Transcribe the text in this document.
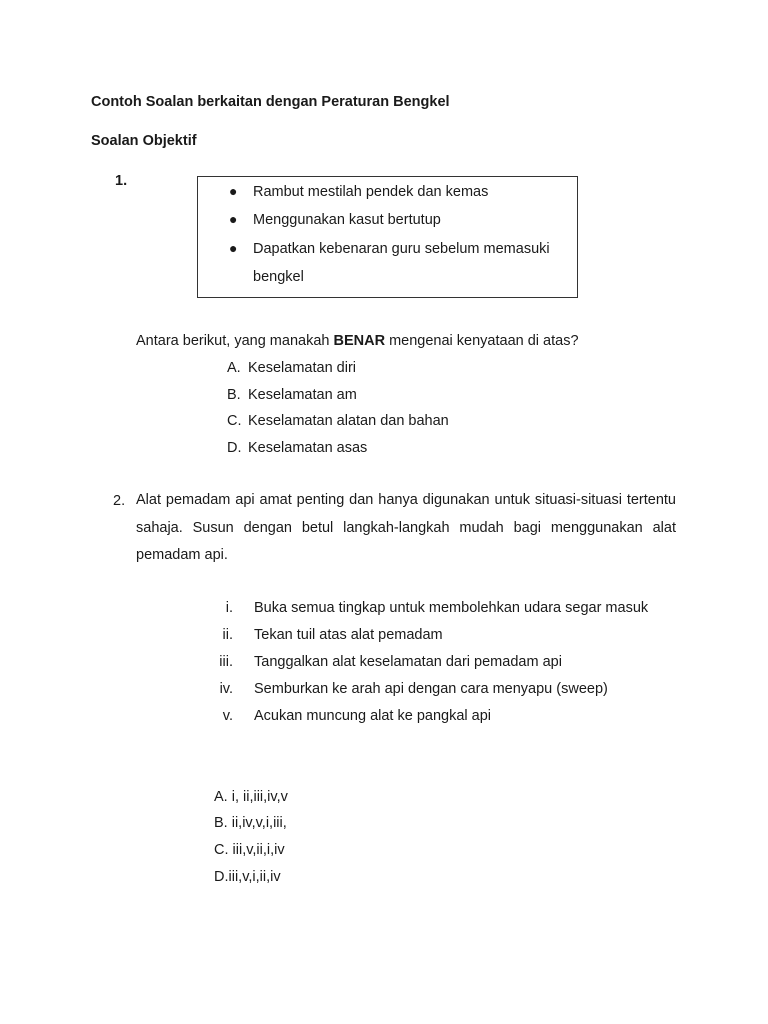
Contoh Soalan berkaitan dengan Peraturan Bengkel
Soalan Objektif
1.
● Rambut mestilah pendek dan kemas
● Menggunakan kasut bertutup
● Dapatkan kebenaran guru sebelum memasuki bengkel
Antara berikut, yang manakah BENAR mengenai kenyataan di atas?
A. Keselamatan diri
B. Keselamatan am
C. Keselamatan alatan dan bahan
D. Keselamatan asas
2. Alat pemadam api amat penting dan hanya digunakan untuk situasi-situasi tertentu sahaja. Susun dengan betul langkah-langkah mudah bagi menggunakan alat pemadam api.
i. Buka semua tingkap untuk membolehkan udara segar masuk
ii. Tekan tuil atas alat pemadam
iii. Tanggalkan alat keselamatan dari pemadam api
iv. Semburkan ke arah api dengan cara menyapu (sweep)
v. Acukan muncung alat ke pangkal api
A. i, ii,iii,iv,v
B. ii,iv,v,i,iii,
C. iii,v,ii,i,iv
D.iii,v,i,ii,iv
